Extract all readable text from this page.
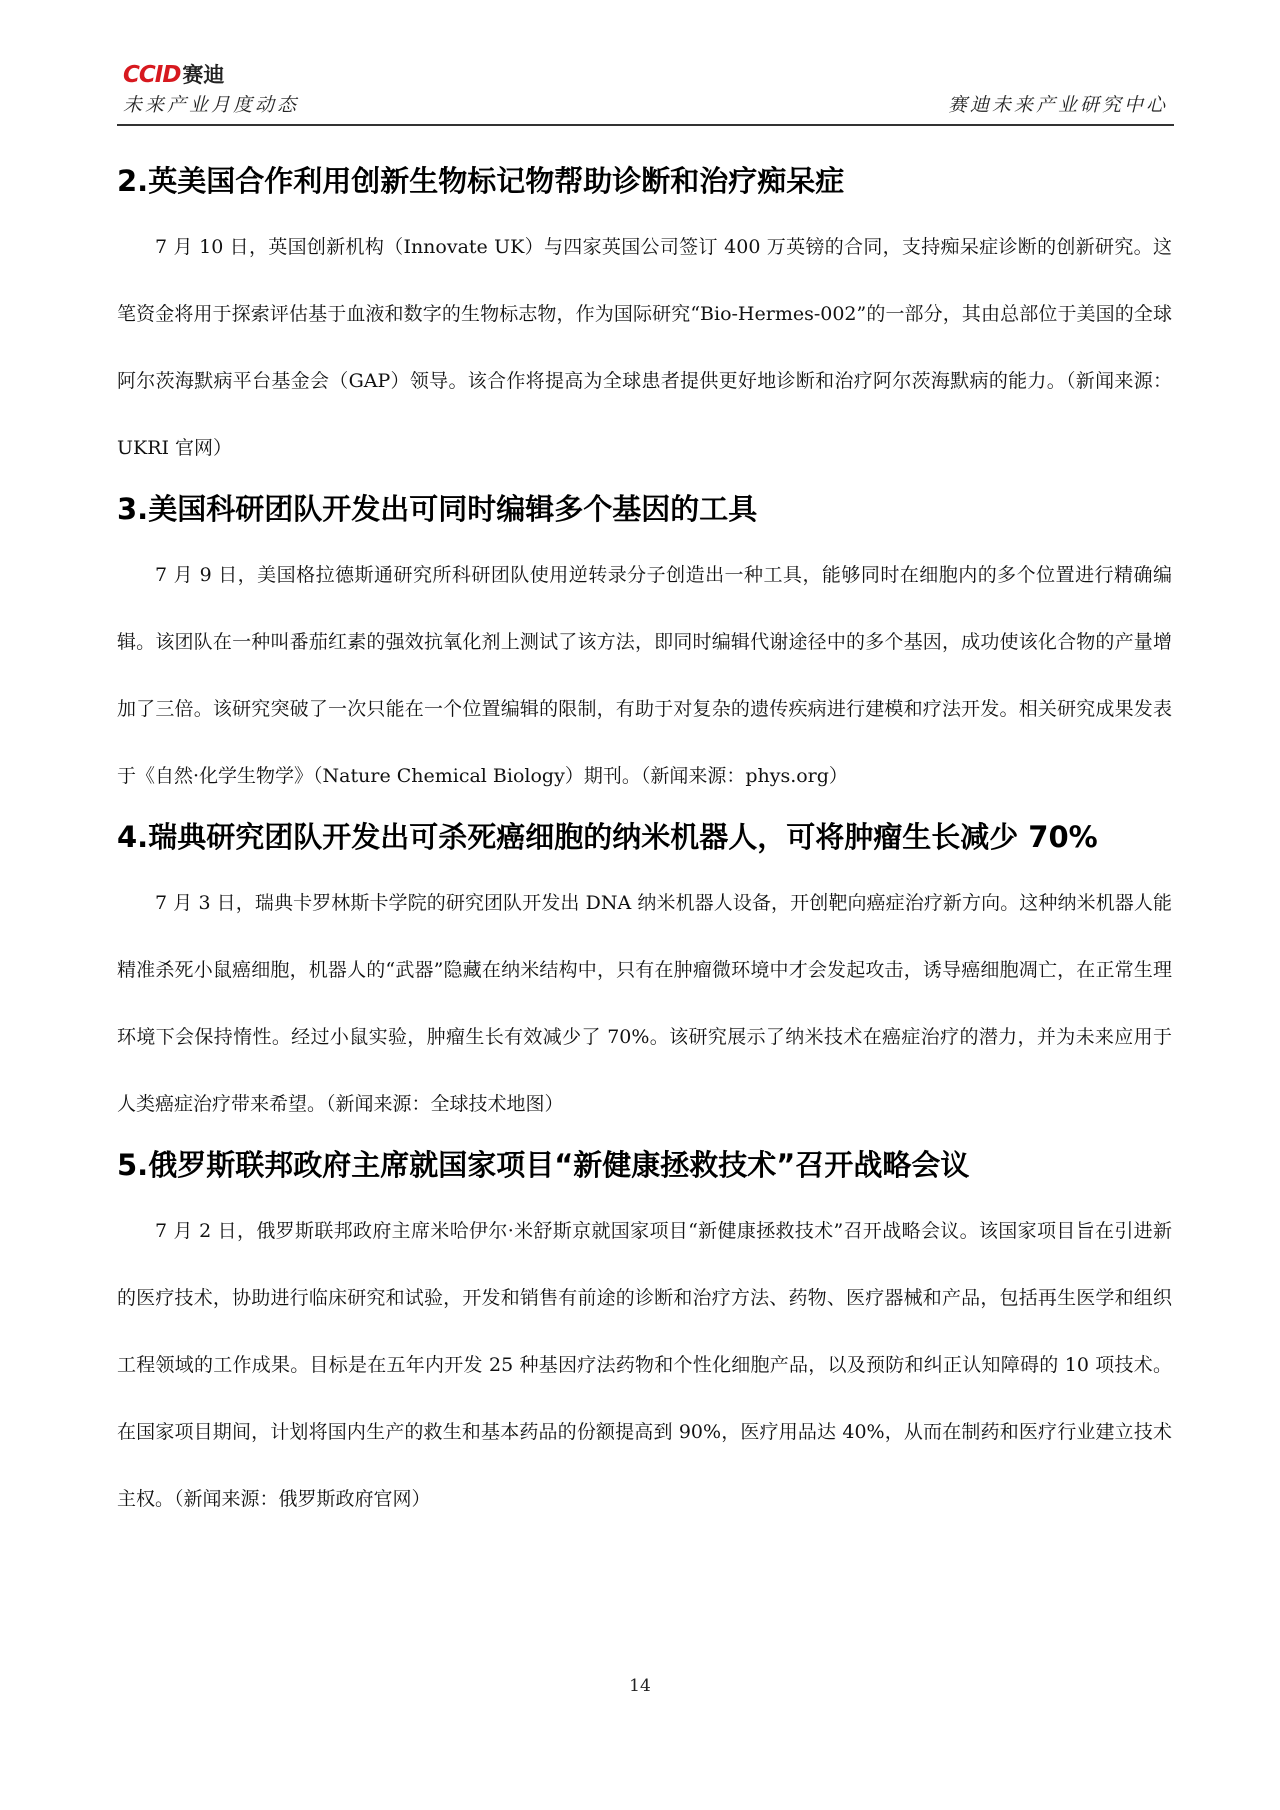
CCID 赛迪
未来产业月度动态	赛迪未来产业研究中心
2.英美国合作利用创新生物标记物帮助诊断和治疗痴呆症

7 月 10 日，英国创新机构（Innovate UK）与四家英国公司签订 400 万英镑的合同，支持痴呆症诊断的创新研究。这笔资金将用于探索评估基于血液和数字的生物标志物，作为国际研究“Bio-Hermes-002”的一部分，其由总部位于美国的全球阿尔茨海默病平台基金会（GAP）领导。该合作将提高为全球患者提供更好地诊断和治疗阿尔茨海默病的能力。（新闻来源：UKRI 官网）

3.美国科研团队开发出可同时编辑多个基因的工具

7 月 9 日，美国格拉德斯通研究所科研团队使用逆转录分子创造出一种工具，能够同时在细胞内的多个位置进行精确编辑。该团队在一种叫番茄红素的强效抗氧化剂上测试了该方法，即同时编辑代谢途径中的多个基因，成功使该化合物的产量增加了三倍。该研究突破了一次只能在一个位置编辑的限制，有助于对复杂的遗传疾病进行建模和疗法开发。相关研究成果发表于《自然·化学生物学》（Nature Chemical Biology）期刊。（新闻来源：phys.org）

4.瑞典研究团队开发出可杀死癌细胞的纳米机器人，可将肿瘤生长减少 70%

7 月 3 日，瑞典卡罗林斯卡学院的研究团队开发出 DNA 纳米机器人设备，开创靶向癌症治疗新方向。这种纳米机器人能精准杀死小鼠癌细胞，机器人的“武器”隐藏在纳米结构中，只有在肿瘤微环境中才会发起攻击，诱导癌细胞凋亡，在正常生理环境下会保持惰性。经过小鼠实验，肿瘤生长有效减少了 70%。该研究展示了纳米技术在癌症治疗的潜力，并为未来应用于人类癌症治疗带来希望。（新闻来源：全球技术地图）

5.俄罗斯联邦政府主席就国家项目“新健康拯救技术”召开战略会议

7 月 2 日，俄罗斯联邦政府主席米哈伊尔·米舒斯京就国家项目“新健康拯救技术”召开战略会议。该国家项目旨在引进新的医疗技术，协助进行临床研究和试验，开发和销售有前途的诊断和治疗方法、药物、医疗器械和产品，包括再生医学和组织工程领域的工作成果。目标是在五年内开发 25 种基因疗法药物和个性化细胞产品，以及预防和纠正认知障碍的 10 项技术。在国家项目期间，计划将国内生产的救生和基本药品的份额提高到 90%，医疗用品达 40%，从而在制药和医疗行业建立技术主权。（新闻来源：俄罗斯政府官网）

14
